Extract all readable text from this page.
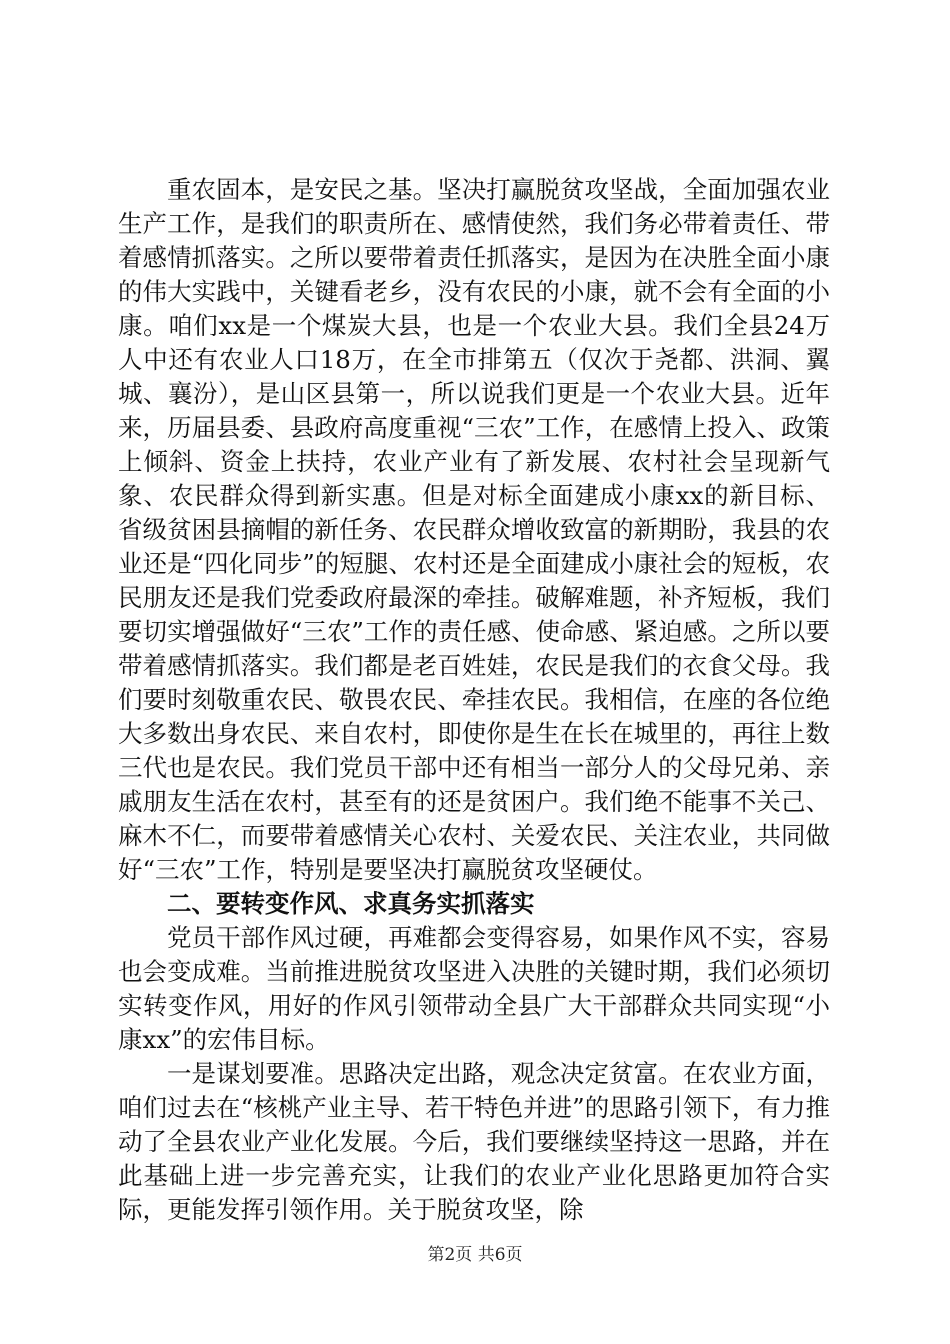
重农固本，是安民之基。坚决打赢脱贫攻坚战，全面加强农业生产工作，是我们的职责所在、感情使然，我们务必带着责任、带着感情抓落实。之所以要带着责任抓落实，是因为在决胜全面小康的伟大实践中，关键看老乡，没有农民的小康，就不会有全面的小康。咱们xx是一个煤炭大县，也是一个农业大县。我们全县24万人中还有农业人口18万，在全市排第五（仅次于尧都、洪洞、翼城、襄汾），是山区县第一，所以说我们更是一个农业大县。近年来，历届县委、县政府高度重视“三农”工作，在感情上投入、政策上倾斜、资金上扶持，农业产业有了新发展、农村社会呈现新气象、农民群众得到新实惠。但是对标全面建成小康xx的新目标、省级贫困县摘帽的新任务、农民群众增收致富的新期盼，我县的农业还是“四化同步”的短腿、农村还是全面建成小康社会的短板，农民朋友还是我们党委政府最深的牵挂。破解难题，补齐短板，我们要切实增强做好“三农”工作的责任感、使命感、紧迫感。之所以要带着感情抓落实。我们都是老百姓娃，农民是我们的衣食父母。我们要时刻敬重农民、敬畏农民、牵挂农民。我相信，在座的各位绝大多数出身农民、来自农村，即使你是生在长在城里的，再往上数三代也是农民。我们党员干部中还有相当一部分人的父母兄弟、亲戚朋友生活在农村，甚至有的还是贫困户。我们绝不能事不关己、麻木不仁，而要带着感情关心农村、关爱农民、关注农业，共同做好“三农”工作，特别是要坚决打赢脱贫攻坚硬仗。

二、要转变作风、求真务实抓落实

党员干部作风过硬，再难都会变得容易，如果作风不实，容易也会变成难。当前推进脱贫攻坚进入决胜的关键时期，我们必须切实转变作风，用好的作风引领带动全县广大干部群众共同实现“小康xx”的宏伟目标。

一是谋划要准。思路决定出路，观念决定贫富。在农业方面，咱们过去在“核桃产业主导、若干特色并进”的思路引领下，有力推动了全县农业产业化发展。今后，我们要继续坚持这一思路，并在此基础上进一步完善充实，让我们的农业产业化思路更加符合实际，更能发挥引领作用。关于脱贫攻坚，除

第2页 共6页
